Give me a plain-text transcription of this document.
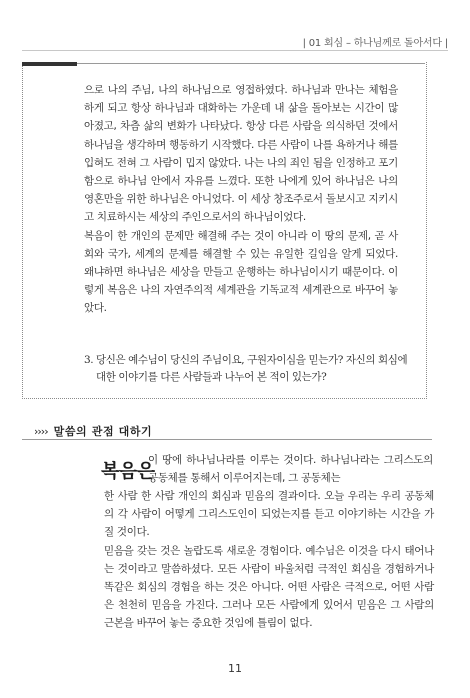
| 01 회심 – 하나님께로 돌아서다 |

으로 나의 주님, 나의 하나님으로 영접하였다. 하나님과 만나는 체험을 하게 되고 항상 하나님과 대화하는 가운데 내 삶을 돌아보는 시간이 많아졌고, 차츰 삶의 변화가 나타났다. 항상 다른 사람을 의식하던 것에서 하나님을 생각하며 행동하기 시작했다. 다른 사람이 나를 욕하거나 해를 입혀도 전혀 그 사람이 밉지 않았다. 나는 나의 죄인 됨을 인정하고 포기함으로 하나님 안에서 자유를 느꼈다. 또한 나에게 있어 하나님은 나의 영혼만을 위한 하나님은 아니었다. 이 세상 창조주로서 돌보시고 지키시고 치료하시는 세상의 주인으로서의 하나님이었다.

복음이 한 개인의 문제만 해결해 주는 것이 아니라 이 땅의 문제, 곧 사회와 국가, 세계의 문제를 해결할 수 있는 유일한 길임을 알게 되었다. 왜냐하면 하나님은 세상을 만들고 운행하는 하나님이시기 때문이다. 이렇게 복음은 나의 자연주의적 세계관을 기독교적 세계관으로 바꾸어 놓았다.

3. 당신은 예수님이 당신의 주님이요, 구원자이심을 믿는가? 자신의 회심에 대한 이야기를 다른 사람들과 나누어 본 적이 있는가?
›››› 말씀의 관점 대하기
복음은
이 땅에 하나님나라를 이루는 것이다. 하나님나라는 그리스도의 공동체를 통해서 이루어지는데, 그 공동체는

한 사람 한 사람 개인의 회심과 믿음의 결과이다. 오늘 우리는 우리 공동체의 각 사람이 어떻게 그리스도인이 되었는지를 듣고 이야기하는 시간을 가질 것이다.

믿음을 갖는 것은 놀랍도록 새로운 경험이다. 예수님은 이것을 다시 태어나는 것이라고 말씀하셨다. 모든 사람이 바울처럼 극적인 회심을 경험하거나 똑같은 회심의 경험을 하는 것은 아니다. 어떤 사람은 극적으로, 어떤 사람은 천천히 믿음을 가진다. 그러나 모든 사람에게 있어서 믿음은 그 사람의 근본을 바꾸어 놓는 중요한 것임에 틀림이 없다.

11
